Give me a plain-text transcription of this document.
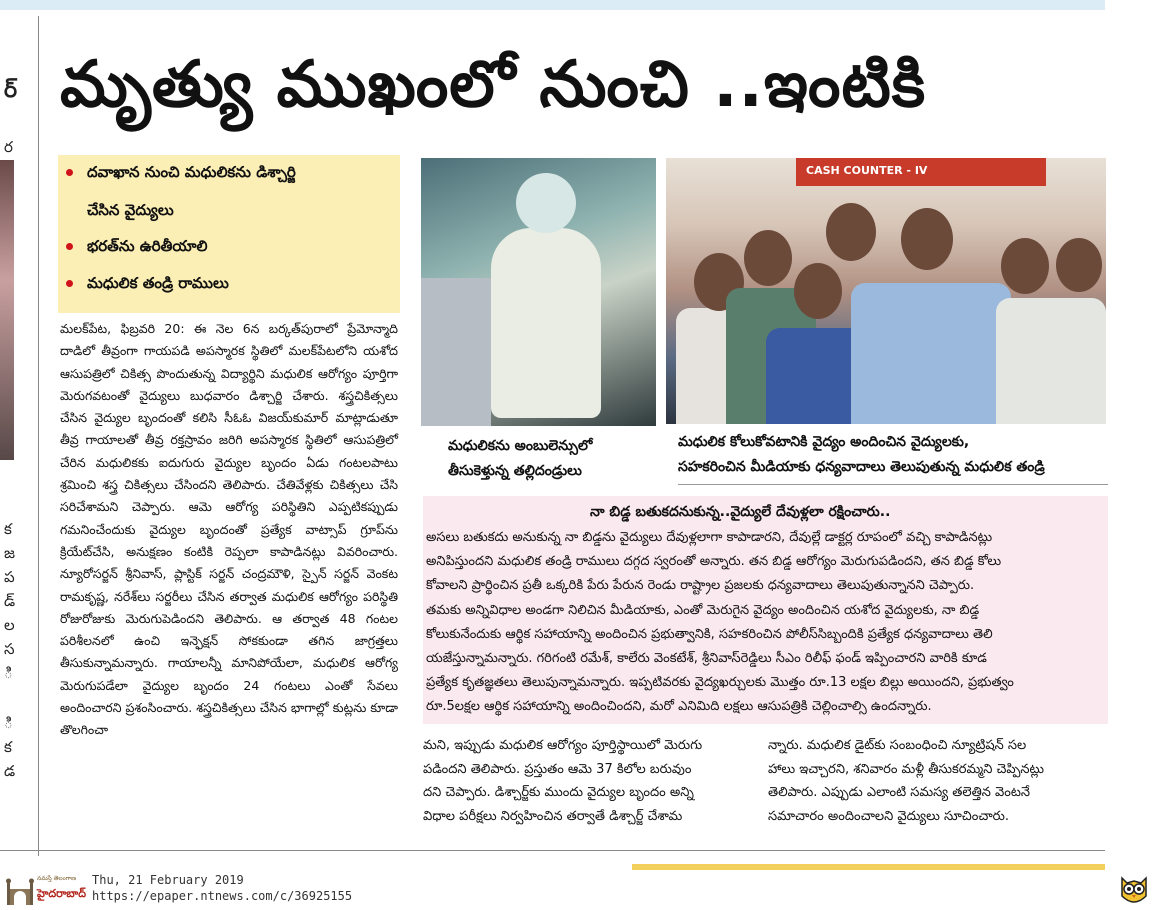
ర్
ర
క
జ
ప
డ్
ల
స
ి
ి
క
డ
మృత్యు ముఖంలో నుంచి ..ఇంటికి
దవాఖాన నుంచి మధులికను డిశ్చార్జి
చేసిన వైద్యులు
భరత్‌ను ఉరితీయాలి
మధులిక తండ్రి రాములు

మలక్‌పేట, ఫిబ్రవరి 20: ఈ నెల 6న బర్కత్‌పురాలో ప్రేమోన్మాది దాడిలో తీవ్రంగా గాయపడి అపస్మారక స్థితిలో మలక్‌పేటలోని యశోద ఆసుపత్రిలో చికిత్స పొందుతున్న విద్యార్థిని మధులిక ఆరోగ్యం పూర్తిగా మెరుగవటంతో వైద్యులు బుధవారం డిశ్చార్జి చేశారు. శస్త్రచికిత్సలు చేసిన వైద్యుల బృందంతో కలిసి సీఓఓ విజయ్‌కుమార్ మాట్లాడుతూ తీవ్ర గాయాలతో తీవ్ర రక్తస్రావం జరిగి అపస్మారక స్థితిలో ఆసుపత్రిలో చేరిన మధులికకు ఐదుగురు వైద్యుల బృందం ఏడు గంటలపాటు శ్రమించి శస్త్ర చికిత్సలు చేసిందని తెలిపారు. చేతివేళ్లకు చికిత్సలు చేసి సరిచేశామని చెప్పారు. ఆమె ఆరోగ్య పరిస్థితిని ఎప్పటికప్పుడు గమనించేందుకు వైద్యుల బృందంతో ప్రత్యేక వాట్సాప్ గ్రూప్‌ను క్రియేట్‌చేసి, అనుక్షణం కంటికి రెప్పలా కాపాడినట్లు వివరించారు. న్యూరోసర్జన్ శ్రీనివాస్, ప్లాస్టిక్ సర్జన్ చంద్రమౌళి, స్పైన్ సర్జన్ వెంకట రామకృష్ణ, నరేశ్‌లు సర్జరీలు చేసిన తర్వాత మధులిక ఆరోగ్యం పరిస్థితి రోజురోజుకు మెరుగుపెడిందని తెలిపారు. ఆ తర్వాత 48 గంటల పరిశీలనలో ఉంచి ఇన్ఫెక్షన్ సోకకుండా తగిన జాగ్రత్తలు తీసుకున్నామన్నారు. గాయాలన్నీ మానిపోయేలా, మధులిక ఆరోగ్య మెరుగుపడేలా వైద్యుల బృందం 24 గంటలు ఎంతో సేవలు అందించారని ప్రశంసించారు. శస్త్రచికిత్సలు చేసిన భాగాల్లో కుట్లను కూడా తొలగించా

మధులికను అంబులెన్సులో
తీసుకెళ్తున్న తల్లిదండ్రులు
CASH COUNTER - IV
మధులిక కోలుకోవటానికి వైద్యం అందించిన వైద్యులకు,
సహకరించిన మీడియాకు ధన్యవాదాలు తెలుపుతున్న మధులిక తండ్రి
నా బిడ్డ బతుకదనుకున్న..వైద్యులే దేవుళ్లలా రక్షించారు..
అసలు బతుకదు అనుకున్న నా బిడ్డను వైద్యులు దేవుళ్లలాగా కాపాడారని, దేవుల్లే డాక్టర్ల రూపంలో వచ్చి కాపాడినట్లు
అనిపిస్తుందని మధులిక తండ్రి రాములు దగ్గద స్వరంతో అన్నారు. తన బిడ్డ ఆరోగ్యం మెరుగుపడిందని, తన బిడ్డ కోలు
కోవాలని ప్రార్థించిన ప్రతీ ఒక్కరికి పేరు పేరున రెండు రాష్ట్రాల ప్రజలకు ధన్యవాదాలు తెలుపుతున్నానని చెప్పారు.
తమకు అన్నివిధాల అండగా నిలిచిన మీడియాకు, ఎంతో మెరుగైన వైద్యం అందించిన యశోద వైద్యులకు, నా బిడ్డ
కోలుకునేందుకు ఆర్థిక సహాయాన్ని అందించిన ప్రభుత్వానికి, సహకరించిన పోలీస్‌సిబ్బందికి ప్రత్యేక ధన్యవాదాలు తెలి
యజేస్తున్నామన్నారు. గరిగంటి రమేశ్, కాలేరు వెంకటేశ్, శ్రీనివాస్‌రెడ్డిలు సీఎం రిలీఫ్ ఫండ్ ఇప్పించారని వారికి కూడ
ప్రత్యేక కృతజ్ఞతలు తెలుపున్నామన్నారు. ఇప్పటివరకు వైద్యఖర్చులకు మొత్తం రూ.13 లక్షల బిల్లు అయిందని, ప్రభుత్వం
రూ.5లక్షల ఆర్థిక సహాయాన్ని అందించిందని, మరో ఎనిమిది లక్షలు ఆసుపత్రికి చెల్లించాల్సి ఉందన్నారు.
మని, ఇప్పుడు మధులిక ఆరోగ్యం పూర్తిస్థాయిలో మెరుగు
పడిందని తెలిపారు. ప్రస్తుతం ఆమె 37 కిలోల బరువుం
దని చెప్పారు. డిశ్చార్జ్‌కు ముందు వైద్యుల బృందం అన్ని
విధాల పరీక్షలు నిర్వహించిన తర్వాతే డిశ్చార్జ్ చేశామ
న్నారు. మధులిక డైట్‌కు సంబంధించి న్యూట్రిషన్ సల
హాలు ఇచ్చారని, శనివారం మళ్లీ తీసుకరమ్మని చెప్పినట్లు
తెలిపారు. ఎప్పుడు ఎలాంటి సమస్య తలెత్తిన వెంటనే
సమాచారం అందించాలని వైద్యులు సూచించారు.
నమస్తే తెలంగాణ
హైదరాబాద్
Thu, 21 February 2019
https://epaper.ntnews.com/c/36925155
